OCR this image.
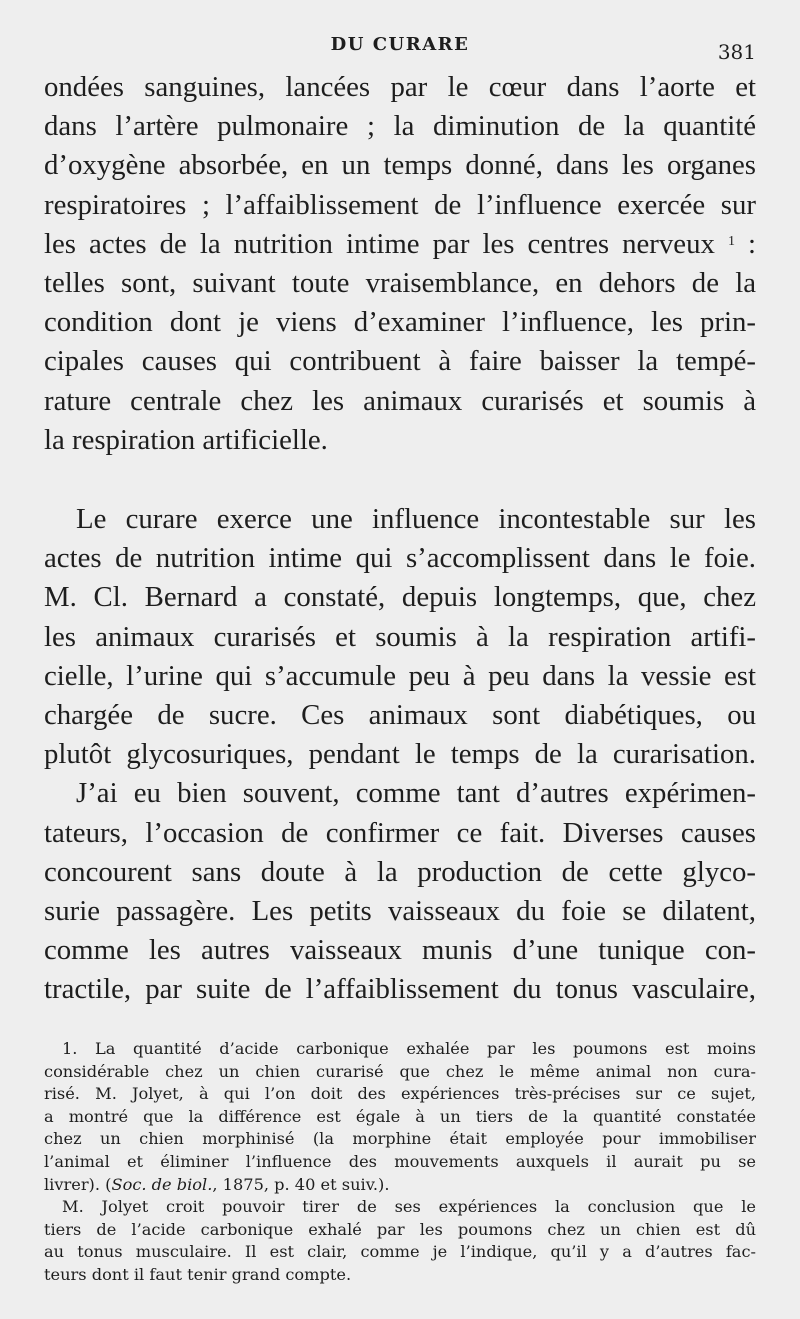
DU CURARE	381

ondées sanguines, lancées par le cœur dans l’aorte et
dans l’artère pulmonaire ; la diminution de la quantité
d’oxygène absorbée, en un temps donné, dans les organes
respiratoires ; l’affaiblissement de l’influence exercée sur
les actes de la nutrition intime par les centres nerveux $^1$ :
telles sont, suivant toute vraisemblance, en dehors de la
condition dont je viens d’examiner l’influence, les prin-
cipales causes qui contribuent à faire baisser la tempé-
rature centrale chez les animaux curarisés et soumis à
la respiration artificielle.

Le curare exerce une influence incontestable sur les
actes de nutrition intime qui s’accomplissent dans le foie.
M. Cl. Bernard a constaté, depuis longtemps, que, chez
les animaux curarisés et soumis à la respiration artifi-
cielle, l’urine qui s’accumule peu à peu dans la vessie est
chargée de sucre. Ces animaux sont diabétiques, ou
plutôt glycosuriques, pendant le temps de la curarisation.

J’ai eu bien souvent, comme tant d’autres expérimen-
tateurs, l’occasion de confirmer ce fait. Diverses causes
concourent sans doute à la production de cette glyco-
surie passagère. Les petits vaisseaux du foie se dilatent,
comme les autres vaisseaux munis d’une tunique con-
tractile, par suite de l’affaiblissement du tonus vasculaire,

1. La quantité d’acide carbonique exhalée par les poumons est moins
considérable chez un chien curarisé que chez le même animal non cura-
risé. M. Jolyet, à qui l’on doit des expériences très-précises sur ce sujet,
a montré que la différence est égale à un tiers de la quantité constatée
chez un chien morphinisé (la morphine était employée pour immobiliser
l’animal et éliminer l’influence des mouvements auxquels il aurait pu se
livrer). (Soc. de biol., 1875, p. 40 et suiv.).
M. Jolyet croit pouvoir tirer de ses expériences la conclusion que le
tiers de l’acide carbonique exhalé par les poumons chez un chien est dû
au tonus musculaire. Il est clair, comme je l’indique, qu’il y a d’autres fac-
teurs dont il faut tenir grand compte.
